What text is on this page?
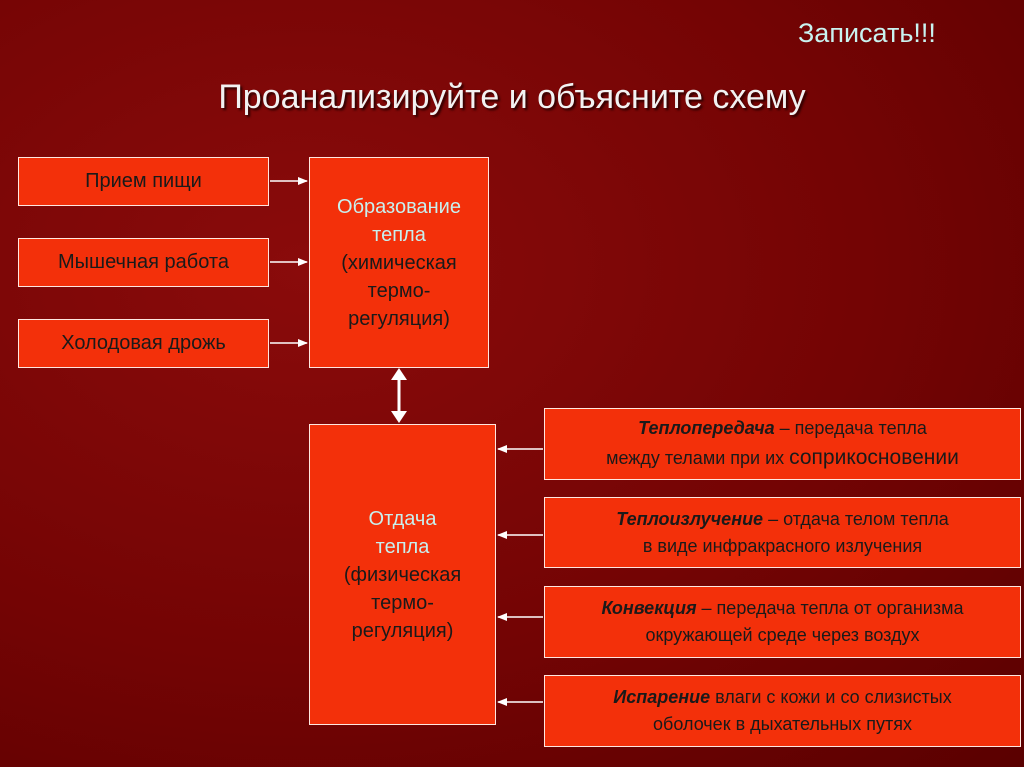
Записать!!!
Проанализируйте и объясните схему
Прием пищи
Мышечная работа
Холодовая дрожь
Образование
тепла
(химическая
термо-
регуляция)
Отдача
тепла
(физическая
термо-
регуляция)
Теплопередача – передача тепла
между телами при их соприкосновении
Теплоизлучение – отдача телом тепла
в виде инфракрасного излучения
Конвекция – передача тепла от организма
окружающей среде через воздух
Испарение влаги с кожи и со слизистых
оболочек в дыхательных путях
